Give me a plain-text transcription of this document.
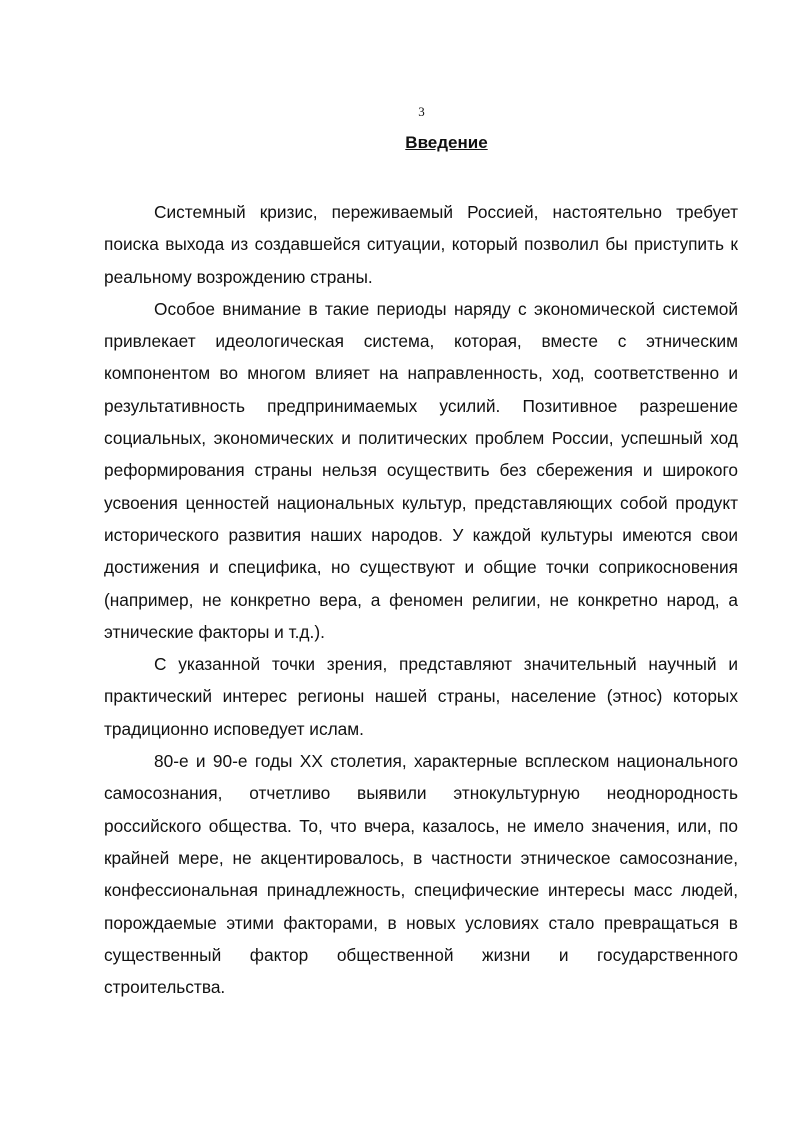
3
Введение

Системный кризис, переживаемый Россией, настоятельно требует поиска выхода из создавшейся ситуации, который позволил бы приступить к реальному возрождению страны.

Особое внимание в такие периоды наряду с экономической системой привлекает идеологическая система, которая, вместе с этническим компонентом во многом влияет на направленность, ход, соответственно и результативность предпринимаемых усилий. Позитивное разрешение социальных, экономических и политических проблем России, успешный ход реформирования страны нельзя осуществить без сбережения и широкого усвоения ценностей национальных культур, представляющих собой продукт исторического развития наших народов. У каждой культуры имеются свои достижения и специфика, но существуют и общие точки соприкосновения (например, не конкретно вера, а феномен религии, не конкретно народ, а этнические факторы и т.д.).

С указанной точки зрения, представляют значительный научный и практический интерес регионы нашей страны, население (этнос) которых традиционно исповедует ислам.

80-е и 90-е годы XX столетия, характерные всплеском национального самосознания, отчетливо выявили этнокультурную неоднородность российского общества. То, что вчера, казалось, не имело значения, или, по крайней мере, не акцентировалось, в частности этническое самосознание, конфессиональная принадлежность, специфические интересы масс людей, порождаемые этими факторами, в новых условиях стало превращаться в существенный фактор общественной жизни и государственного строительства.
